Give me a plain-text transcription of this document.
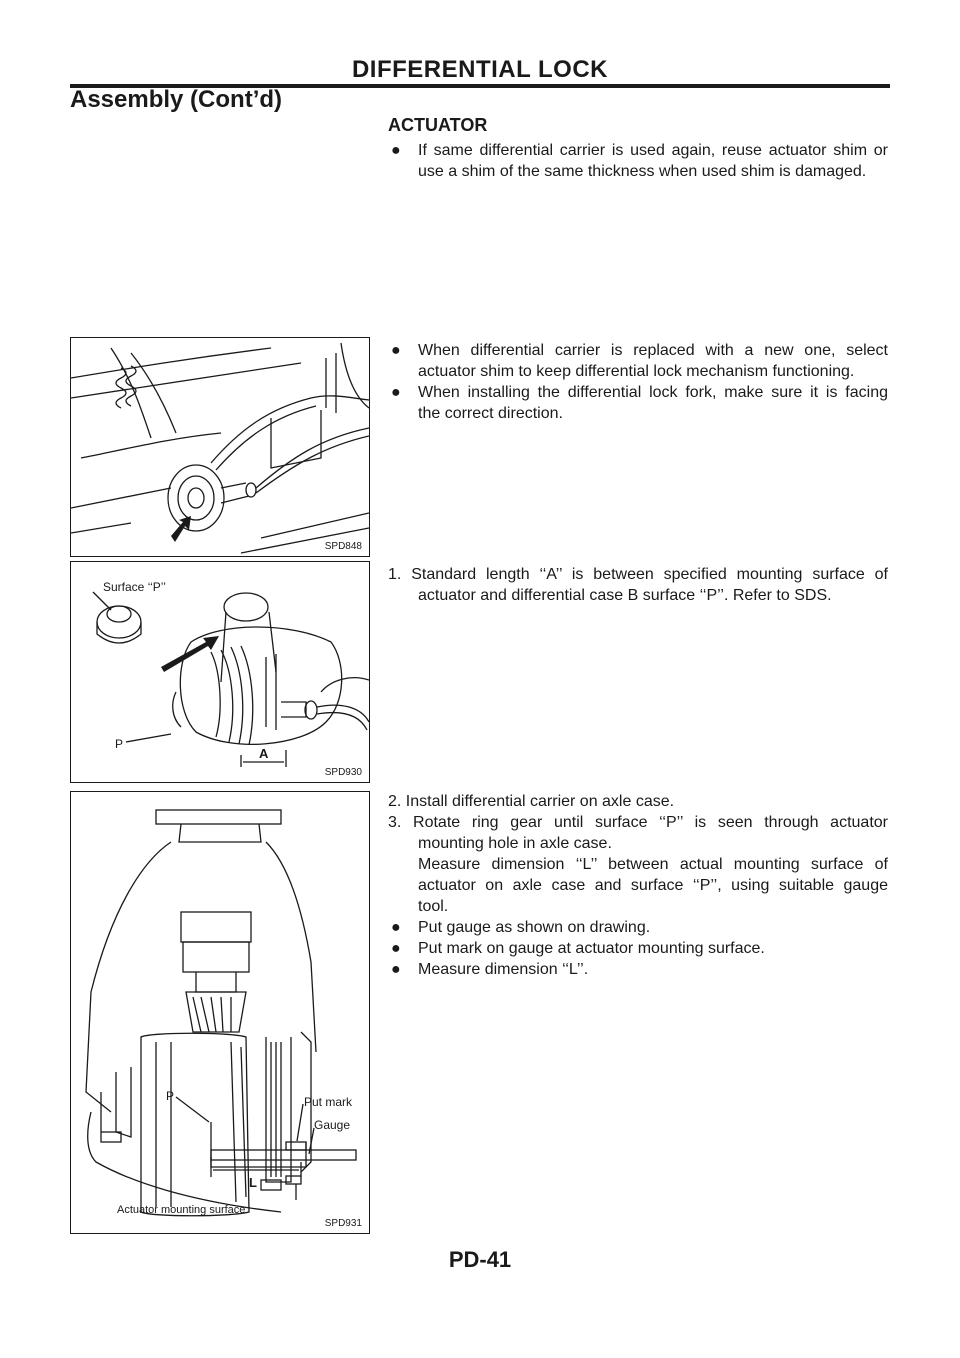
DIFFERENTIAL LOCK
Assembly (Cont’d)
ACTUATOR
● If same differential carrier is used again, reuse actuator shim or
use a shim of the same thickness when used shim is damaged.
SPD848
● When differential carrier is replaced with a new one, select
actuator shim to keep differential lock mechanism functioning.
● When installing the differential lock fork, make sure it is facing
the correct direction.
Surface ‘‘P’’
P
A
SPD930
1. Standard length ‘‘A’’ is between specified mounting surface of
actuator and differential case B surface ‘‘P’’. Refer to SDS.
P	Put mark
Gauge
L
Actuator mounting surface
SPD931
2. Install differential carrier on axle case.
3. Rotate ring gear until surface ‘‘P’’ is seen through actuator
mounting hole in axle case.
Measure dimension ‘‘L’’ between actual mounting surface of
actuator on axle case and surface ‘‘P’’, using suitable gauge
tool.
● Put gauge as shown on drawing.
● Put mark on gauge at actuator mounting surface.
● Measure dimension ‘‘L’’.
PD-41
